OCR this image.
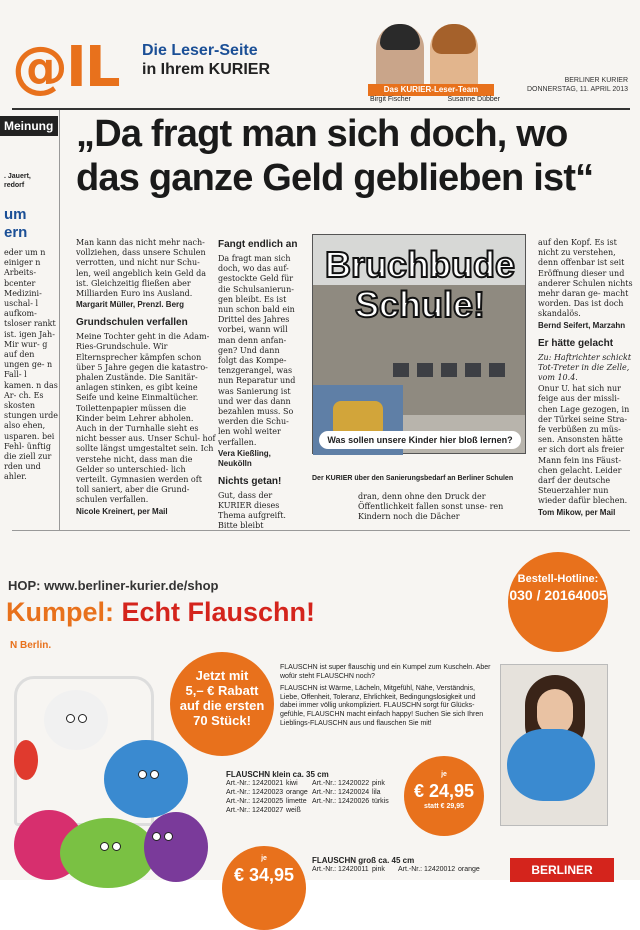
@IL	Die Leser-Seite
in Ihrem KURIER
Das KURIER-Leser-Team
Birgit Fischer	Susanne Dübber
BERLINER KURIER
DONNERSTAG, 11. APRIL 2013
Meinung
. Jauert,
redorf
um
ern
eder um n einiger n Arbeits- bcenter Medizini- uschal- l aufkom- tsloser rankt ist. igen Jah- Mir wur- g auf den ungen ge- n Fall- l kamen. n das Ar- ch. Es skosten stungen urde also ehen, usparen. bei Fehl- ünftig die ziell zur rden und ahler.
„Da fragt man sich doch, wo das ganze Geld geblieben ist“

Man kann das nicht mehr nach- vollziehen, dass unsere Schulen verrotten, und nicht nur Schu- len, weil angeblich kein Geld da ist. Gleichzeitig fließen aber Milliarden Euro ins Ausland.

Margarit Müller, Prenzl. Berg
Grundschulen verfallen

Meine Tochter geht in die Adam-Ries-Grundschule. Wir Elternsprecher kämpfen schon über 5 Jahre gegen die katastro- phalen Zustände. Die Sanitär- anlagen stinken, es gibt keine Seife und keine Einmaltücher. Toilettenpapier müssen die Kinder beim Lehrer abholen. Auch in der Turnhalle sieht es nicht besser aus. Unser Schul- hof sollte längst umgestaltet sein. Ich verstehe nicht, dass man die Gelder so unterschied- lich verteilt. Gymnasien werden oft toll saniert, aber die Grund- schulen verfallen.

Nicole Kreinert, per Mail
Fangt endlich an

Da fragt man sich doch, wo das auf- gestockte Geld für die Schulsanierun- gen bleibt. Es ist nun schon bald ein Drittel des Jahres vorbei, wann will man denn anfan- gen? Und dann folgt das Kompe- tenzgerangel, was nun Reparatur und was Sanierung ist und wer das dann bezahlen muss. So werden die Schu- len wohl weiter verfallen.

Vera Kießling, Neukölln
Nichts getan!

Gut, dass der KURIER dieses Thema aufgreift. Bitte bleibt

Bruchbude
Schule!
Was sollen unsere Kinder hier bloß lernen?
Der KURIER über den Sanierungsbedarf an Berliner Schulen
dran, denn ohne den Druck der Öffentlichkeit fallen sonst unse- ren Kindern noch die Dächer

auf den Kopf. Es ist nicht zu verstehen, denn offenbar ist seit Eröffnung dieser und anderer Schulen nichts mehr daran ge- macht worden. Das ist doch skandalös.

Bernd Seifert, Marzahn
Er hätte gelacht

Zu: Haftrichter schickt Tot-Treter in die Zelle, vom 10.4.

Onur U. hat sich nur feige aus der missli- chen Lage gezogen, in der Türkei seine Stra- fe verbüßen zu müs- sen. Ansonsten hätte er sich dort als freier Mann fein ins Fäust- chen gelacht. Leider darf der deutsche Steuerzahler nun wieder dafür blechen.

Tom Mikow, per Mail
HOP: www.berliner-kurier.de/shop
Kumpel: Echt Flauschn!
N Berlin.
Bestell-Hotline:
030 / 20164005
Jetzt mit
5,– € Rabatt
auf die ersten
70 Stück!

FLAUSCHN ist super flauschig und ein Kumpel zum Kuscheln. Aber wofür steht FLAUSCHN noch?

FLAUSCHN ist Wärme, Lächeln, Mitgefühl, Nähe, Verständnis, Liebe, Offenheit, Toleranz, Ehrlichkeit, Bedingungslosigkeit und dabei immer völlig unkompliziert. FLAUSCHN sorgt für Glücks- gefühle, FLAUSCHN macht einfach happy! Suchen Sie sich Ihren Lieblings-FLAUSCHN aus und flauschen Sie mit!

FLAUSCHN klein ca. 35 cm
Art.-Nr.: 12420021 kiwi	Art.-Nr.: 12420022 pink
Art.-Nr.: 12420023 orange Art.-Nr.: 12420024 lila
Art.-Nr.: 12420025 limette Art.-Nr.: 12420026 türkis
Art.-Nr.: 12420027 weiß
je
€ 24,95
statt € 29,95
je
€ 34,95
FLAUSCHN groß ca. 45 cm
Art.-Nr.: 12420011 pink	Art.-Nr.: 12420012 orange	BERLINER KURIER
